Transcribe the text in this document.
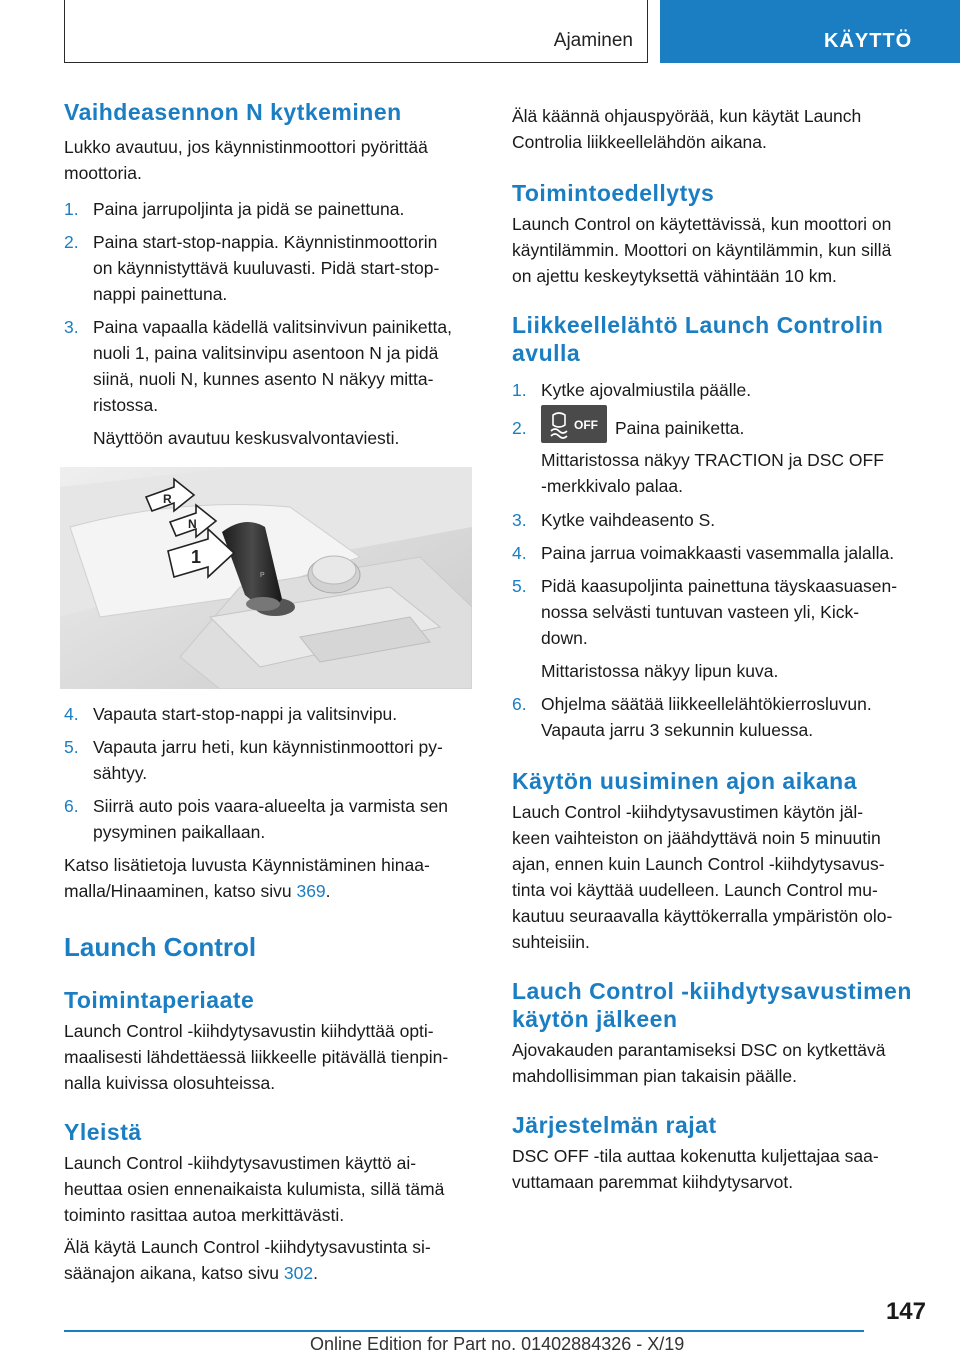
Ajaminen	KÄYTTÖ
Vaihdeasennon N kytkeminen

Lukko avautuu, jos käynnistinmoottori pyörittää moottoria.

1. Paina jarrupoljinta ja pidä se painettuna.
2. Paina start-stop-nappia. Käynnistinmoottorin
on käynnistyttävä kuuluvasti. Pidä start-stop-
nappi painettuna.
3. Paina vapaalla kädellä valitsinvivun painiketta,
nuoli 1, paina valitsinvipu asentoon N ja pidä
siinä, nuoli N, kunnes asento N näkyy mitta-
ristossa.
Näyttöön avautuu keskusvalvontaviesti.
R
N
1
P
4. Vapauta start-stop-nappi ja valitsinvipu.
5. Vapauta jarru heti, kun käynnistinmoottori py-
sähtyy.
6. Siirrä auto pois vaara-alueelta ja varmista sen
pysyminen paikallaan.

Katso lisätietoja luvusta Käynnistäminen hinaa-
malla/Hinaaminen, katso sivu 369.

Launch Control
Toimintaperiaate

Launch Control -kiihdytysavustin kiihdyttää opti-
maalisesti lähdettäessä liikkeelle pitävällä tienpin-
nalla kuivissa olosuhteissa.

Yleistä

Launch Control -kiihdytysavustimen käyttö ai-
heuttaa osien ennenaikaista kulumista, sillä tämä
toiminto rasittaa autoa merkittävästi.

Älä käytä Launch Control -kiihdytysavustinta si-
säänajon aikana, katso sivu 302.

Älä käännä ohjauspyörää, kun käytät Launch
Controlia liikkeellelähdön aikana.

Toimintoedellytys

Launch Control on käytettävissä, kun moottori on
käyntilämmin. Moottori on käyntilämmin, kun sillä
on ajettu keskeytyksettä vähintään 10 km.

Liikkeellelähtö Launch Controlin
avulla
1. Kytke ajovalmiustila päälle.
2.	OFF Paina painiketta.
Mittaristossa näkyy TRACTION ja DSC OFF
-merkkivalo palaa.
3. Kytke vaihdeasento S.
4. Paina jarrua voimakkaasti vasemmalla jalalla.
5. Pidä kaasupoljinta painettuna täyskaasuasen-
nossa selvästi tuntuvan vasteen yli, Kick-
down.
Mittaristossa näkyy lipun kuva.
6. Ohjelma säätää liikkeellelähtökierrosluvun.
Vapauta jarru 3 sekunnin kuluessa.
Käytön uusiminen ajon aikana

Lauch Control -kiihdytysavustimen käytön jäl-
keen vaihteiston on jäähdyttävä noin 5 minuutin
ajan, ennen kuin Launch Control -kiihdytysavus-
tinta voi käyttää uudelleen. Launch Control mu-
kautuu seuraavalla käyttökerralla ympäristön olo-
suhteisiin.

Lauch Control -kiihdytysavustimen
käytön jälkeen

Ajovakauden parantamiseksi DSC on kytkettävä
mahdollisimman pian takaisin päälle.

Järjestelmän rajat

DSC OFF -tila auttaa kokenutta kuljettajaa saa-
vuttamaan paremmat kiihdytysarvot.

147
Online Edition for Part no. 01402884326 - X/19
